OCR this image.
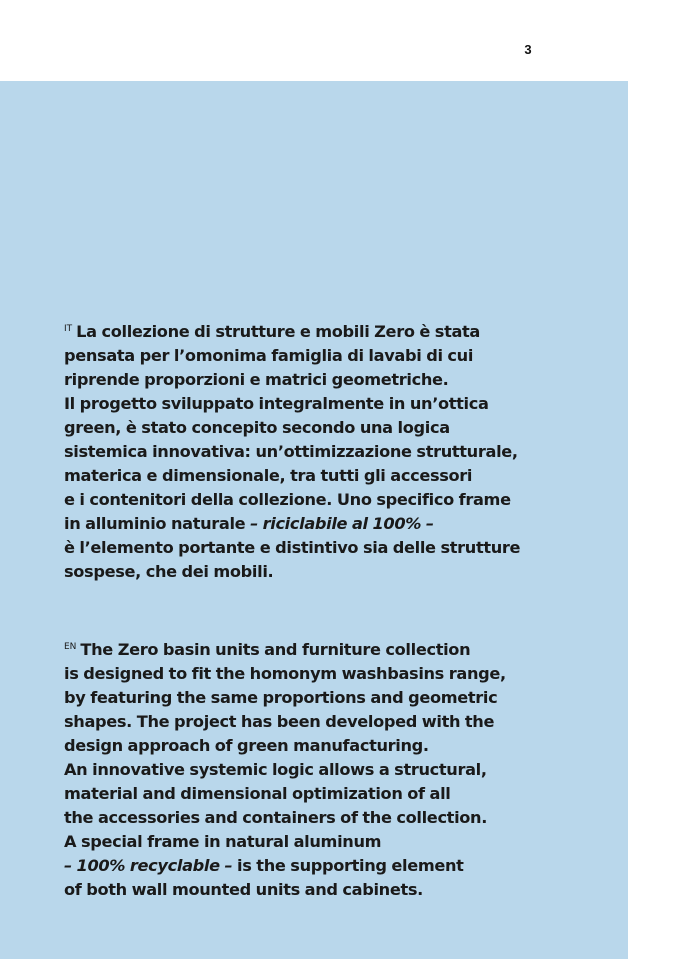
3
$^{IT}$ La collezione di strutture e mobili Zero è stata
pensata per l’omonima famiglia di lavabi di cui
riprende proporzioni e matrici geometriche.
Il progetto sviluppato integralmente in un’ottica
green, è stato concepito secondo una logica
sistemica innovativa: un’ottimizzazione strutturale,
materica e dimensionale, tra tutti gli accessori
e i contenitori della collezione. Uno specifico frame
in alluminio naturale – riciclabile al 100% –
è l’elemento portante e distintivo sia delle strutture
sospese, che dei mobili.
$^{EN}$ The Zero basin units and furniture collection
is designed to fit the homonym washbasins range,
by featuring the same proportions and geometric
shapes. The project has been developed with the
design approach of green manufacturing.
An innovative systemic logic allows a structural,
material and dimensional optimization of all
the accessories and containers of the collection.
A special frame in natural aluminum
– 100% recyclable – is the supporting element
of both wall mounted units and cabinets.
